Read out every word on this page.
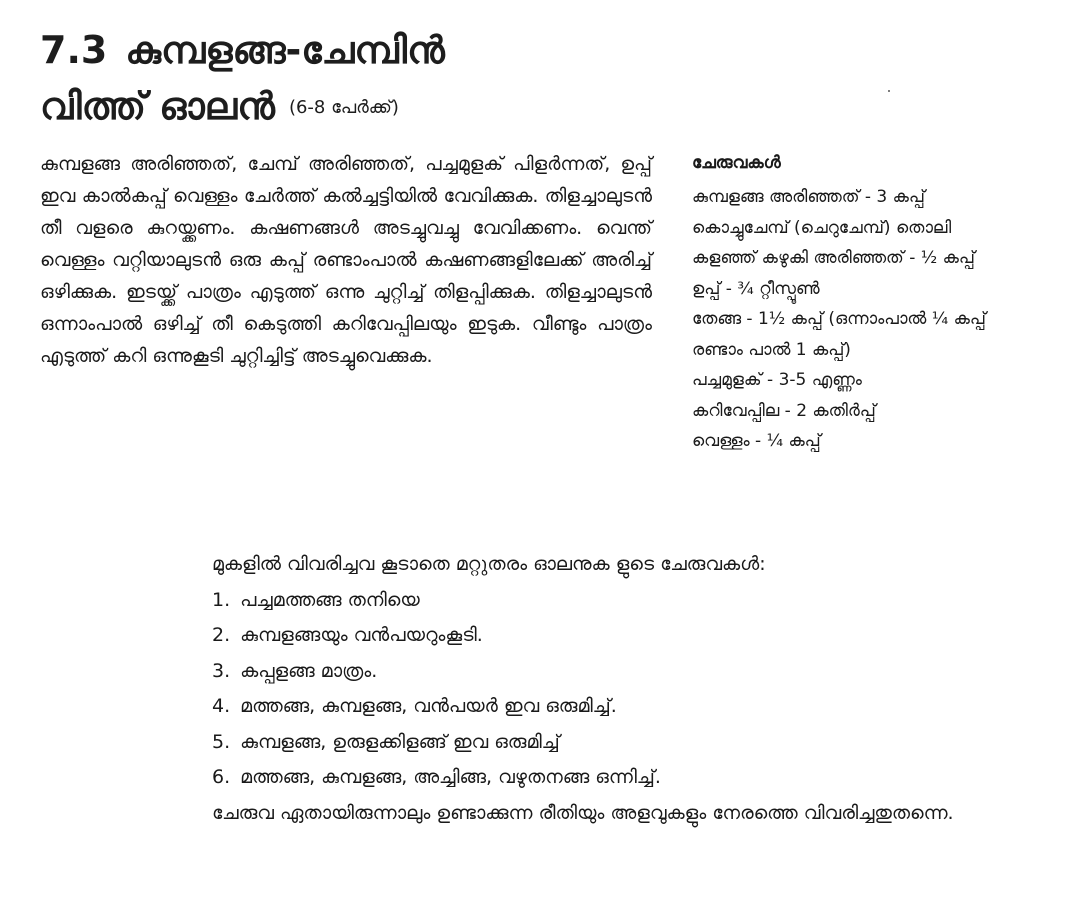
7.3 കുമ്പളങ്ങ-ചേമ്പിൻ
വിത്ത് ഓലൻ (6-8 പേർക്ക്)

കുമ്പളങ്ങ അരിഞ്ഞത്, ചേമ്പ് അരിഞ്ഞത്, പച്ചമുളക് പിളർന്നത്, ഉപ്പ് ഇവ കാൽകപ്പ് വെള്ളം ചേർത്ത് കൽച്ചട്ടിയിൽ വേവിക്കുക. തിളച്ചാലുടൻ തീ വളരെ കുറയ്ക്കണം. കഷണങ്ങൾ അടച്ചുവച്ചു വേവിക്കണം. വെന്ത് വെള്ളം വറ്റിയാലുടൻ ഒരു കപ്പ് രണ്ടാംപാൽ കഷണങ്ങളിലേക്ക് അരിച്ച് ഒഴിക്കുക. ഇടയ്ക്ക് പാത്രം എടുത്ത് ഒന്നു ചുറ്റിച്ച് തിളപ്പിക്കുക. തിളച്ചാലുടൻ ഒന്നാംപാൽ ഒഴിച്ച് തീ കെടുത്തി കറിവേപ്പിലയും ഇടുക. വീണ്ടും പാത്രം എടുത്ത് കറി ഒന്നുകൂടി ചുറ്റിച്ചിട്ട് അടച്ചുവെക്കുക.

ചേരുവകൾ
കുമ്പളങ്ങ അരിഞ്ഞത് - 3 കപ്പ്
കൊച്ചുചേമ്പ് (ചെറുചേമ്പ്) തൊലി
കളഞ്ഞ് കഴുകി അരിഞ്ഞത് - ½ കപ്പ്
ഉപ്പ് - ¾ റ്റീസ്പൂൺ
തേങ്ങ - 1½ കപ്പ് (ഒന്നാംപാൽ ¼ കപ്പ്
രണ്ടാം പാൽ 1 കപ്പ്)
പച്ചമുളക് - 3-5 എണ്ണം
കറിവേപ്പില - 2 കതിർപ്പ്
വെള്ളം - ¼ കപ്പ്
മുകളിൽ വിവരിച്ചവ കൂടാതെ മറ്റുതരം ഓലനുക ളുടെ ചേരുവകൾ:
1. പച്ചമത്തങ്ങ തനിയെ
2. കുമ്പളങ്ങയും വൻപയറുംകൂടി.
3. കപ്പളങ്ങ മാത്രം.
4. മത്തങ്ങ, കുമ്പളങ്ങ, വൻപയർ ഇവ ഒരുമിച്ച്.
5. കുമ്പളങ്ങ, ഉരുളക്കിളങ്ങ് ഇവ ഒരുമിച്ച്
6. മത്തങ്ങ, കുമ്പളങ്ങ, അച്ചിങ്ങ, വഴുതനങ്ങ ഒന്നിച്ച്.

ചേരുവ ഏതായിരുന്നാലും ഉണ്ടാക്കുന്ന രീതിയും അളവുകളും നേരത്തെ വിവരിച്ചതുതന്നെ.
